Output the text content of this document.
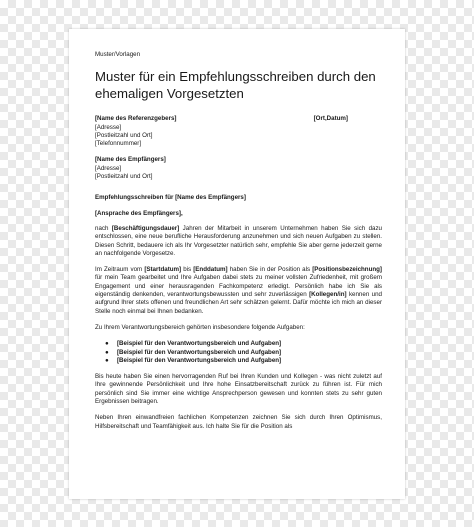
Muster/Vorlagen
Muster für ein Empfehlungsschreiben durch den
ehemaligen Vorgesetzten
[Name des Referenzgebers]	[Ort,Datum]
[Adresse]
[Postleitzahl und Ort]
[Telefonnummer]
[Name des Empfängers]
[Adresse]
[Postleitzahl und Ort]
Empfehlungsschreiben für [Name des Empfängers]
[Ansprache des Empfängers],

nach [Beschäftigungsdauer] Jahren der Mitarbeit in unserem Unternehmen haben Sie sich dazu entschlossen, eine neue berufliche Herausforderung anzunehmen und sich neuen Aufgaben zu stellen. Diesen Schritt, bedauere ich als Ihr Vorgesetzter natürlich sehr, empfehle Sie aber gerne jederzeit gerne an nachfolgende Vorgesetze.

Im Zeitraum vom [Startdatum] bis [Enddatum] haben Sie in der Position als [Positionsbezeichnung] für mein Team gearbeitet und Ihre Aufgaben dabei stets zu meiner vollsten Zufriedenheit, mit großem Engagement und einer herausragenden Fachkompetenz erledigt. Persönlich habe ich Sie als eigenständig denkenden, verantwortungsbewussten und sehr zuverlässigen [Kollegen/in] kennen und aufgrund Ihrer stets offenen und freundlichen Art sehr schätzen gelernt. Dafür möchte ich mich an dieser Stelle noch einmal bei Ihnen bedanken.

Zu Ihrem Verantwortungsbereich gehörten insbesondere folgende Aufgaben:

● [Beispiel für den Verantwortungsbereich und Aufgaben]
● [Beispiel für den Verantwortungsbereich und Aufgaben]
● [Beispiel für den Verantwortungsbereich und Aufgaben]

Bis heute haben Sie einen hervorragenden Ruf bei Ihren Kunden und Kollegen - was nicht zuletzt auf Ihre gewinnende Persönlichkeit und Ihre hohe Einsatzbereitschaft zurück zu führen ist. Für mich persönlich sind Sie immer eine wichtige Ansprechperson gewesen und konnten stets zu sehr guten Ergebnissen beitragen.

Neben Ihren einwandfreien fachlichen Kompetenzen zeichnen Sie sich durch Ihren Optimismus, Hilfsbereitschaft und Teamfähigkeit aus. Ich halte Sie für die Position als
